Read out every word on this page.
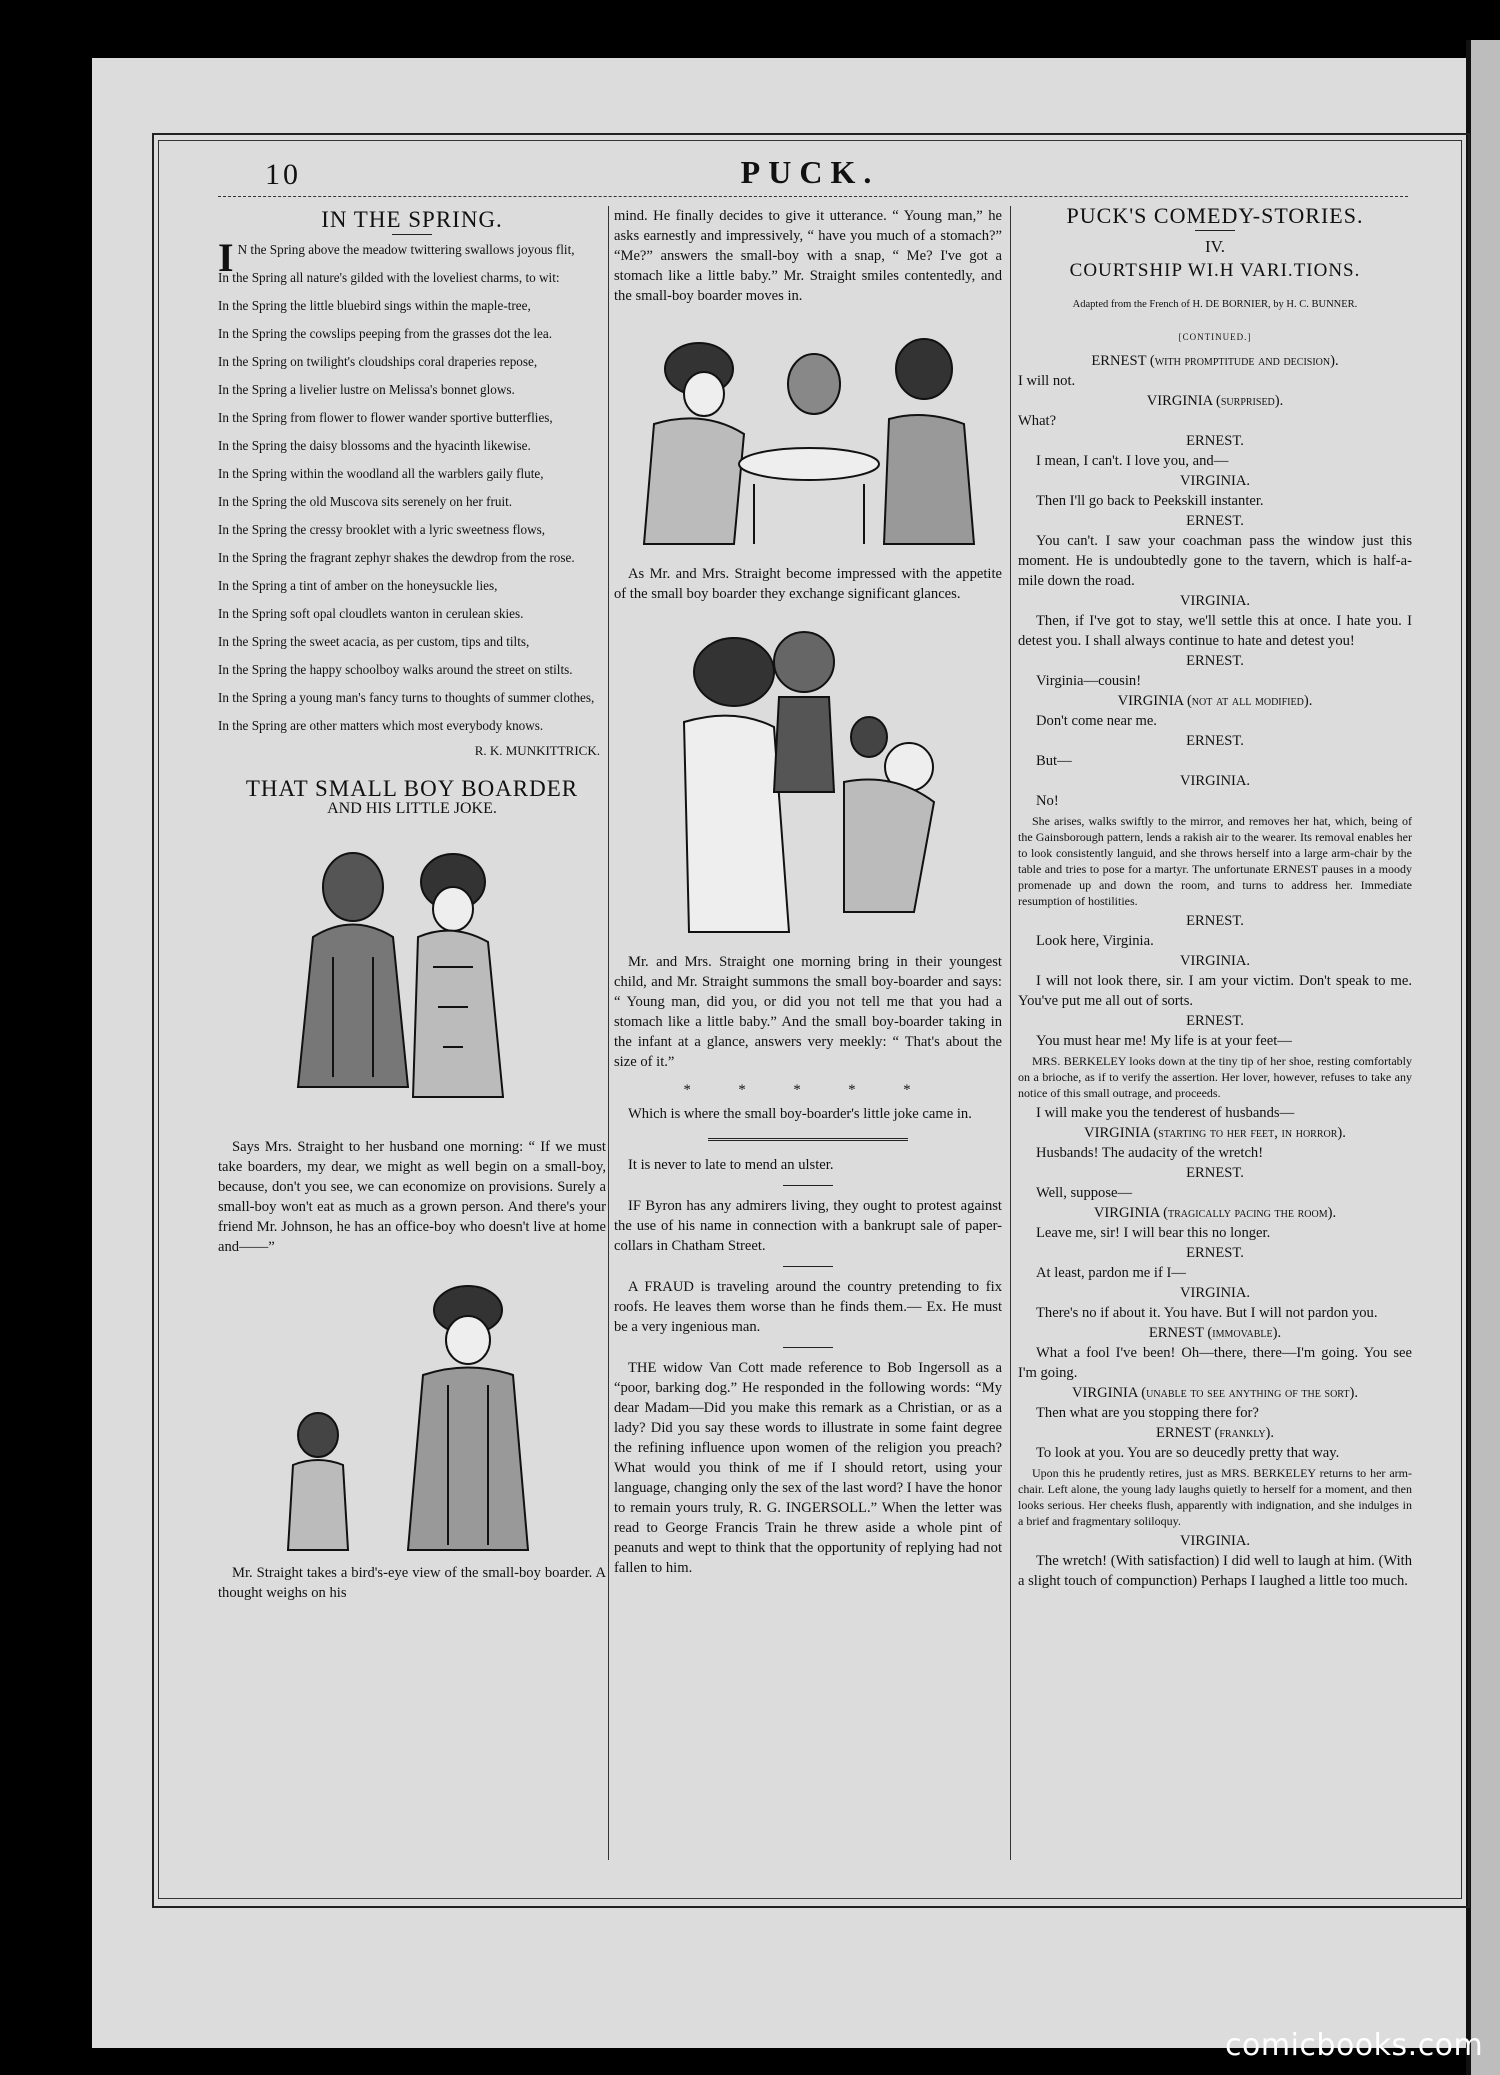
10	PUCK.
IN THE SPRING.

I N the Spring above the meadow twittering swallows joyous flit,

In the Spring all nature's gilded with the loveliest charms, to wit:

In the Spring the little bluebird sings within the maple-tree,

In the Spring the cowslips peeping from the grasses dot the lea.

In the Spring on twilight's cloudships coral draperies repose,

In the Spring a livelier lustre on Melissa's bonnet glows.

In the Spring from flower to flower wander sportive butterflies,

In the Spring the daisy blossoms and the hyacinth likewise.

In the Spring within the woodland all the warblers gaily flute,

In the Spring the old Muscova sits serenely on her fruit.

In the Spring the cressy brooklet with a lyric sweetness flows,

In the Spring the fragrant zephyr shakes the dewdrop from the rose.

In the Spring a tint of amber on the honeysuckle lies,

In the Spring soft opal cloudlets wanton in cerulean skies.

In the Spring the sweet acacia, as per custom, tips and tilts,

In the Spring the happy schoolboy walks around the street on stilts.

In the Spring a young man's fancy turns to thoughts of summer clothes,

In the Spring are other matters which most everybody knows.

R. K. MUNKITTRICK.
THAT SMALL BOY BOARDER
AND HIS LITTLE JOKE.

Says Mrs. Straight to her husband one morning: “ If we must take boarders, my dear, we might as well begin on a small-boy, because, don't you see, we can economize on provisions. Surely a small-boy won't eat as much as a grown person. And there's your friend Mr. Johnson, he has an office-boy who doesn't live at home and——”

Mr. Straight takes a bird's-eye view of the small-boy boarder. A thought weighs on his

mind. He finally decides to give it utterance. “ Young man,” he asks earnestly and impressively, “ have you much of a stomach?” “Me?” answers the small-boy with a snap, “ Me? I've got a stomach like a little baby.” Mr. Straight smiles contentedly, and the small-boy boarder moves in.

As Mr. and Mrs. Straight become impressed with the appetite of the small boy boarder they exchange significant glances.

Mr. and Mrs. Straight one morning bring in their youngest child, and Mr. Straight summons the small boy-boarder and says: “ Young man, did you, or did you not tell me that you had a stomach like a little baby.” And the small boy-boarder taking in the infant at a glance, answers very meekly: “ That's about the size of it.”

* * * * *

Which is where the small boy-boarder's little joke came in.

It is never to late to mend an ulster.

IF Byron has any admirers living, they ought to protest against the use of his name in connection with a bankrupt sale of paper-collars in Chatham Street.

A FRAUD is traveling around the country pretending to fix roofs. He leaves them worse than he finds them.— Ex. He must be a very ingenious man.

THE widow Van Cott made reference to Bob Ingersoll as a “poor, barking dog.” He responded in the following words: “My dear Madam—Did you make this remark as a Christian, or as a lady? Did you say these words to illustrate in some faint degree the refining influence upon women of the religion you preach? What would you think of me if I should retort, using your language, changing only the sex of the last word? I have the honor to remain yours truly, R. G. INGERSOLL.” When the letter was read to George Francis Train he threw aside a whole pint of peanuts and wept to think that the opportunity of replying had not fallen to him.

PUCK'S COMEDY-STORIES.
IV.
COURTSHIP WI.H VARI.TIONS.
Adapted from the French of H. DE BORNIER, by H. C. BUNNER.
[CONTINUED.]

ERNEST (with promptitude and decision).

I will not.

VIRGINIA (surprised).

What?

ERNEST.

I mean, I can't. I love you, and—

VIRGINIA.

Then I'll go back to Peekskill instanter.

ERNEST.

You can't. I saw your coachman pass the window just this moment. He is undoubtedly gone to the tavern, which is half-a-mile down the road.

VIRGINIA.

Then, if I've got to stay, we'll settle this at once. I hate you. I detest you. I shall always continue to hate and detest you!

ERNEST.

Virginia—cousin!

VIRGINIA (not at all modified).

Don't come near me.

ERNEST.

But—

VIRGINIA.

No!

She arises, walks swiftly to the mirror, and removes her hat, which, being of the Gainsborough pattern, lends a rakish air to the wearer. Its removal enables her to look consistently languid, and she throws herself into a large arm-chair by the table and tries to pose for a martyr. The unfortunate ERNEST pauses in a moody promenade up and down the room, and turns to address her. Immediate resumption of hostilities.

ERNEST.

Look here, Virginia.

VIRGINIA.

I will not look there, sir. I am your victim. Don't speak to me. You've put me all out of sorts.

ERNEST.

You must hear me! My life is at your feet—

MRS. BERKELEY looks down at the tiny tip of her shoe, resting comfortably on a brioche, as if to verify the assertion. Her lover, however, refuses to take any notice of this small outrage, and proceeds.

I will make you the tenderest of husbands—

VIRGINIA (starting to her feet, in horror).

Husbands! The audacity of the wretch!

ERNEST.

Well, suppose—

VIRGINIA (tragically pacing the room).

Leave me, sir! I will bear this no longer.

ERNEST.

At least, pardon me if I—

VIRGINIA.

There's no if about it. You have. But I will not pardon you.

ERNEST (immovable).

What a fool I've been! Oh—there, there—I'm going. You see I'm going.

VIRGINIA (unable to see anything of the sort).

Then what are you stopping there for?

ERNEST (frankly).

To look at you. You are so deucedly pretty that way.

Upon this he prudently retires, just as MRS. BERKELEY returns to her arm-chair. Left alone, the young lady laughs quietly to herself for a moment, and then looks serious. Her cheeks flush, apparently with indignation, and she indulges in a brief and fragmentary soliloquy.

VIRGINIA.

The wretch! (With satisfaction) I did well to laugh at him. (With a slight touch of compunction) Perhaps I laughed a little too much.

comicbooks.com
